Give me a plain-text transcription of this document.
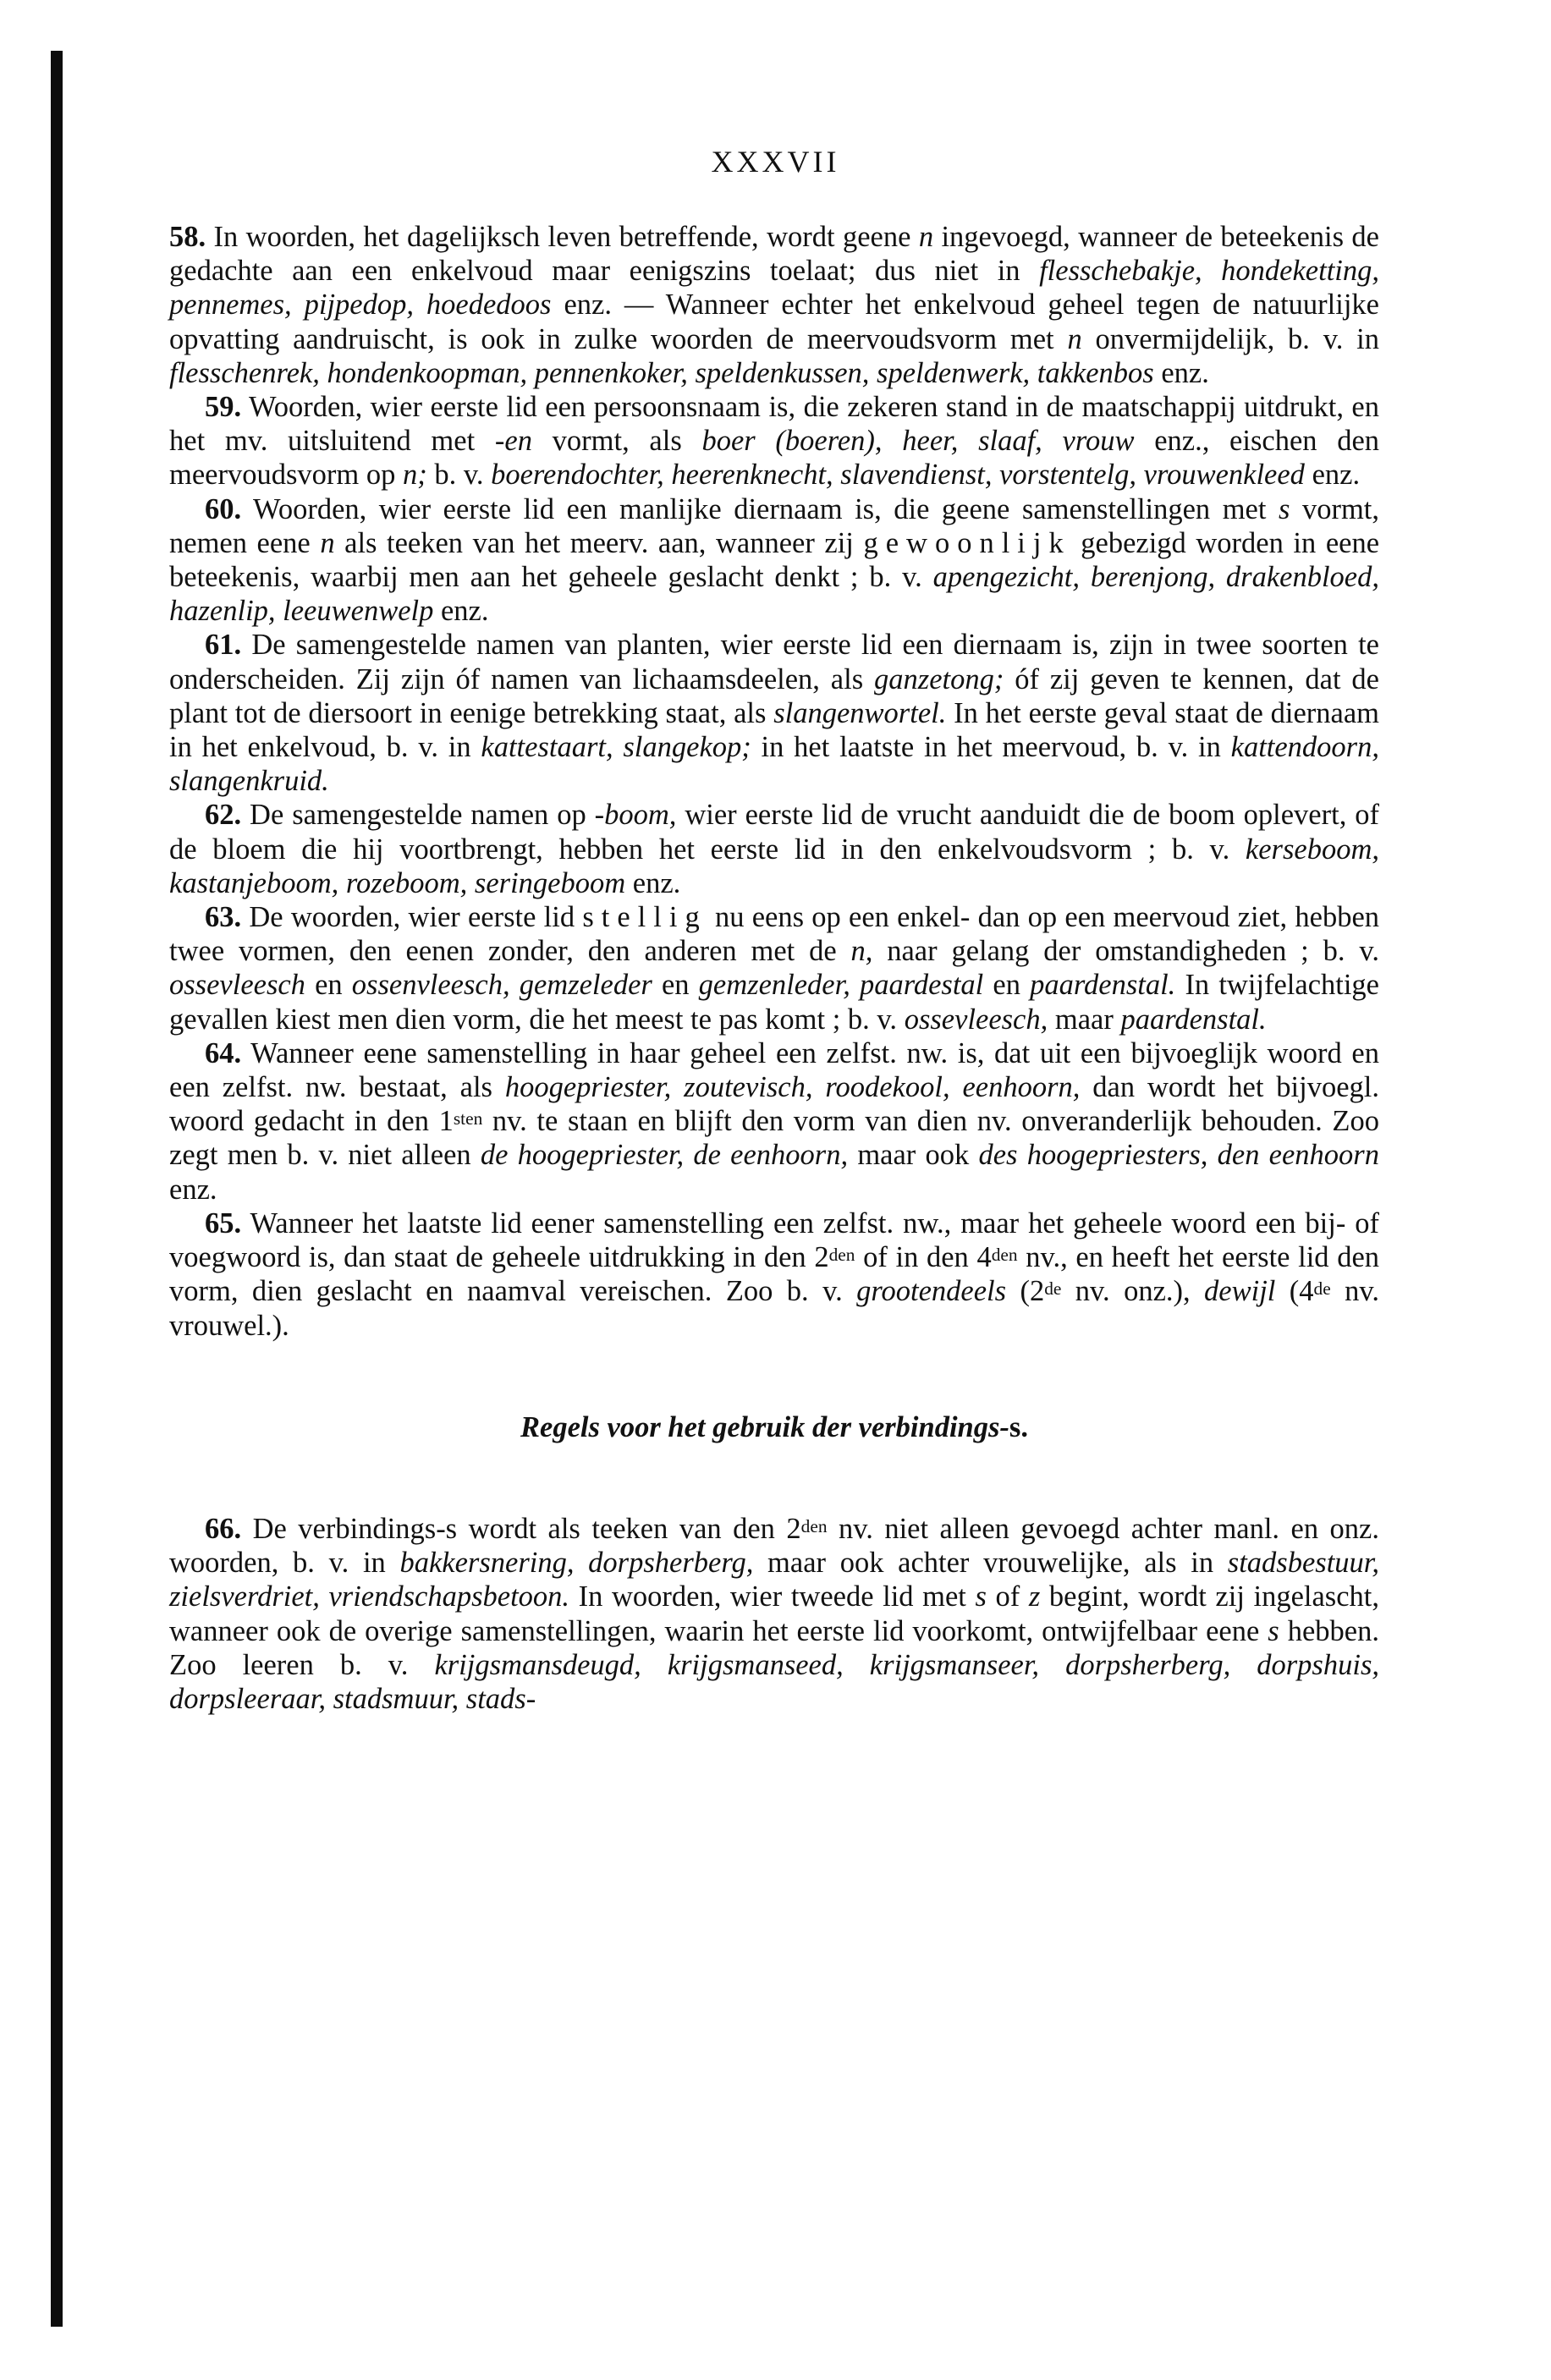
XXXVII

58. In woorden, het dagelijksch leven betreffende, wordt geene n ingevoegd, wanneer de beteekenis de gedachte aan een enkelvoud maar eenigszins toelaat; dus niet in flesschebakje, hondeketting, pennemes, pijpedop, hoededoos enz. — Wanneer echter het enkelvoud geheel tegen de natuurlijke opvatting aandruischt, is ook in zulke woorden de meervoudsvorm met n onvermijdelijk, b. v. in flesschenrek, hondenkoopman, pennenkoker, speldenkussen, speldenwerk, takkenbos enz.

59. Woorden, wier eerste lid een persoonsnaam is, die zekeren stand in de maatschappij uitdrukt, en het mv. uitsluitend met -en vormt, als boer (boeren), heer, slaaf, vrouw enz., eischen den meervoudsvorm op n; b. v. boerendochter, heerenknecht, slavendienst, vorstentelg, vrouwenkleed enz.

60. Woorden, wier eerste lid een manlijke diernaam is, die geene samenstellingen met s vormt, nemen eene n als teeken van het meerv. aan, wanneer zij gewoonlijk gebezigd worden in eene beteekenis, waarbij men aan het geheele geslacht denkt ; b. v. apengezicht, berenjong, drakenbloed, hazenlip, leeuwenwelp enz.

61. De samengestelde namen van planten, wier eerste lid een diernaam is, zijn in twee soorten te onderscheiden. Zij zijn óf namen van lichaamsdeelen, als ganzetong; óf zij geven te kennen, dat de plant tot de diersoort in eenige betrekking staat, als slangenwortel. In het eerste geval staat de diernaam in het enkelvoud, b. v. in kattestaart, slangekop; in het laatste in het meervoud, b. v. in kattendoorn, slangenkruid.

62. De samengestelde namen op -boom, wier eerste lid de vrucht aanduidt die de boom oplevert, of de bloem die hij voortbrengt, hebben het eerste lid in den enkelvoudsvorm ; b. v. kerseboom, kastanjeboom, rozeboom, seringeboom enz.

63. De woorden, wier eerste lid stellig nu eens op een enkel- dan op een meervoud ziet, hebben twee vormen, den eenen zonder, den anderen met de n, naar gelang der omstandigheden ; b. v. ossevleesch en ossenvleesch, gemzeleder en gemzenleder, paardestal en paardenstal. In twijfelachtige gevallen kiest men dien vorm, die het meest te pas komt ; b. v. ossevleesch, maar paardenstal.

64. Wanneer eene samenstelling in haar geheel een zelfst. nw. is, dat uit een bijvoeglijk woord en een zelfst. nw. bestaat, als hoogepriester, zoutevisch, roodekool, eenhoorn, dan wordt het bijvoegl. woord gedacht in den $1^{sten}$ nv. te staan en blijft den vorm van dien nv. onveranderlijk behouden. Zoo zegt men b. v. niet alleen de hoogepriester, de eenhoorn, maar ook des hoogepriesters, den eenhoorn enz.

65. Wanneer het laatste lid eener samenstelling een zelfst. nw., maar het geheele woord een bij- of voegwoord is, dan staat de geheele uitdrukking in den $2^{den}$ of in den $4^{den}$ nv., en heeft het eerste lid den vorm, dien geslacht en naamval vereischen. Zoo b. v. grootendeels (2de nv. onz.), dewijl (4de nv. vrouwel.).

Regels voor het gebruik der verbindings-s.

66. De verbindings-s wordt als teeken van den $2^{den}$ nv. niet alleen gevoegd achter manl. en onz. woorden, b. v. in bakkersnering, dorpsherberg, maar ook achter vrouwelijke, als in stadsbestuur, zielsverdriet, vriendschapsbetoon. In woorden, wier tweede lid met s of z begint, wordt zij ingelascht, wanneer ook de overige samenstellingen, waarin het eerste lid voorkomt, ontwijfelbaar eene s hebben. Zoo leeren b. v. krijgsmansdeugd, krijgsmanseed, krijgsmanseer, dorpsherberg, dorpshuis, dorpsleeraar, stadsmuur, stads-
